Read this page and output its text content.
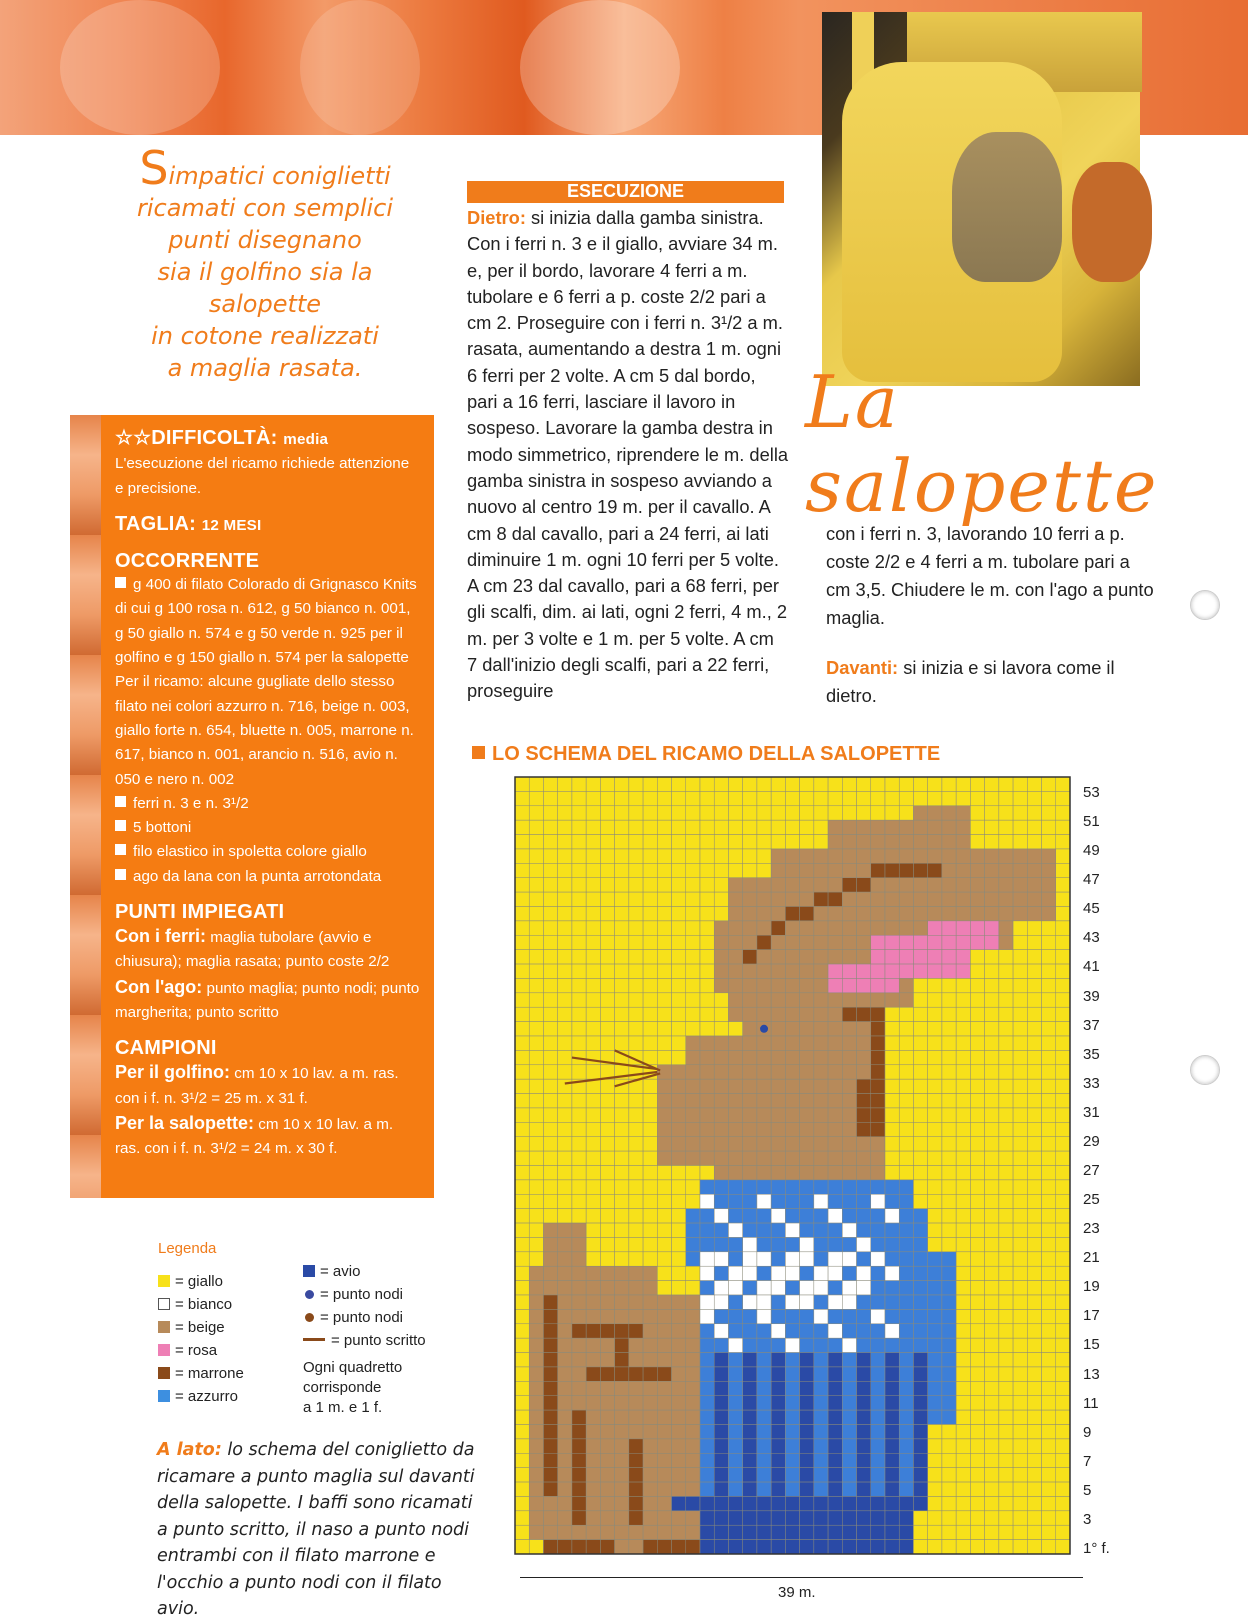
Simpatici coniglietti
ricamati con semplici
punti disegnano
sia il golfino sia la salopette
in cotone realizzati
a maglia rasata.
☆☆DIFFICOLTÀ: media
L'esecuzione del ricamo richiede attenzione e precisione.
TAGLIA: 12 MESI
OCCORRENTE
g 400 di filato Colorado di Grignasco Knits di cui g 100 rosa n. 612, g 50 bianco n. 001, g 50 giallo n. 574 e g 50 verde n. 925 per il golfino e g 150 giallo n. 574 per la salopette
Per il ricamo: alcune gugliate dello stesso filato nei colori azzurro n. 716, beige n. 003, giallo forte n. 654, bluette n. 005, marrone n. 617, bianco n. 001, arancio n. 516, avio n. 050 e nero n. 002
ferri n. 3 e n. 3¹/2
5 bottoni
filo elastico in spoletta colore giallo
ago da lana con la punta arrotondata
PUNTI IMPIEGATI
Con i ferri: maglia tubolare (avvio e chiusura); maglia rasata; punto coste 2/2
Con l'ago: punto maglia; punto nodi; punto margherita; punto scritto
CAMPIONI
Per il golfino: cm 10 x 10 lav. a m. ras. con i f. n. 3¹/2 = 25 m. x 31 f.
Per la salopette: cm 10 x 10 lav. a m. ras. con i f. n. 3¹/2 = 24 m. x 30 f.
ESECUZIONE
Dietro: si inizia dalla gamba sinistra. Con i ferri n. 3 e il giallo, avviare 34 m. e, per il bordo, lavorare 4 ferri a m. tubolare e 6 ferri a p. coste 2/2 pari a cm 2. Proseguire con i ferri n. 3¹/2 a m. rasata, aumentando a destra 1 m. ogni 6 ferri per 2 volte. A cm 5 dal bordo, pari a 16 ferri, lasciare il lavoro in sospeso. Lavorare la gamba destra in modo simmetrico, riprendere le m. della gamba sinistra in sospeso avviando a nuovo al centro 19 m. per il cavallo. A cm 8 dal cavallo, pari a 24 ferri, ai lati diminuire 1 m. ogni 10 ferri per 5 volte. A cm 23 dal cavallo, pari a 68 ferri, per gli scalfi, dim. ai lati, ogni 2 ferri, 4 m., 2 m. per 3 volte e 1 m. per 5 volte. A cm 7 dall'inizio degli scalfi, pari a 22 ferri, proseguire
La salopette

con i ferri n. 3, lavorando 10 ferri a p. coste 2/2 e 4 ferri a m. tubolare pari a cm 3,5. Chiudere le m. con l'ago a punto maglia.

Davanti: si inizia e si lavora come il dietro.

LO SCHEMA DEL RICAMO DELLA SALOPETTE
53
51
49
47
45
43
41
39
37
35
33
31
29
27
25
23
21
19
17
15
13
11
9
7
5
3
1° f.
39 m.
Legenda
= giallo
= bianco
= beige
= rosa
= marrone
= azzurro
= avio
= punto nodi
= punto nodi
= punto scritto
Ogni quadretto
corrisponde
a 1 m. e 1 f.
A lato: lo schema del coniglietto da ricamare a punto maglia sul davanti della salopette. I baffi sono ricamati a punto scritto, il naso a punto nodi entrambi con il filato marrone e l'occhio a punto nodi con il filato avio.
